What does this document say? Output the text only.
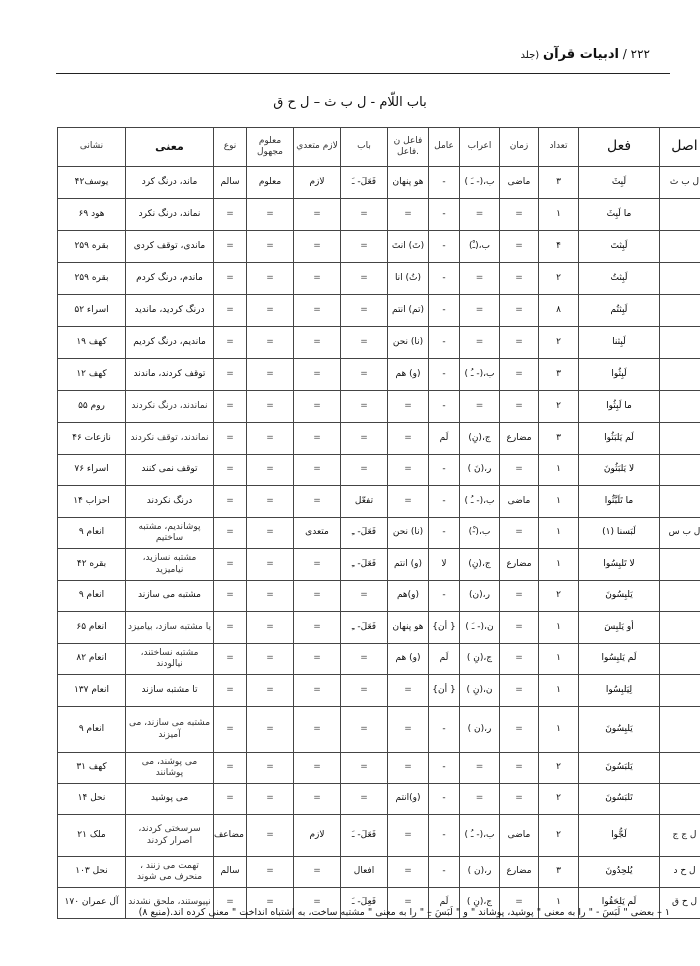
۲۲۲ / ادبیات قرآن (جلد
باب اللّام - ل ب ث – ل ح ق
اصل	فعل	تعداد	زمان	اعراب	عامل	فاعل ن .فاعل	باب	لازم متعدي	معلوم مجهول	نوع	معنی	نشانی
ل ب ث	لَبِثَ	۳	ماضی	ب،(- ـَ )	-	هو پنهان	فَعَلَ- ـَ	لازم	معلوم	سالم	ماند، درنگ کرد	یوسف۴۲
	ما لَبِثَ	۱	=	=	-	=	=	=	=	=	نماند، درنگ نکرد	هود ۶۹
	لَبِثتَ	۴	=	ب،(ـْ)	-	(تَ) انتَ	=	=	=	=	ماندی، توقف کردی	بقره ۲۵۹
	لَبِثتُ	۲	=	=	-	(تُ) انا	=	=	=	=	ماندم، درنگ کردم	بقره ۲۵۹
	لَبِثتُم	۸	=	=	-	(تم) انتم	=	=	=	=	درنگ کردید، ماندید	اسراء ۵۲
	لَبِثنا	۲	=	=	-	(نا) نحن	=	=	=	=	ماندیم، درنگ کردیم	کهف ۱۹
	لَبِثُوا	۳	=	ب،(- ـُ )	-	(و) هم	=	=	=	=	توقف کردند، ماندند	کهف ۱۲
	ما لَبِثُوا	۲	=	=	-	=	=	=	=	=	نماندند، درنگ نکردند	روم ۵۵
	لَم یَلبَثُوا	۳	مضارع	ج،(نِ)	لَم	=	=	=	=	=	نماندند، توقف نکردند	نازعات ۴۶
	لا یَلبَثُونَ	۱	=	ر،(نَ )	-	=	=	=	=	=	توقف نمی کنند	اسراء ۷۶
	ما تَلَبَّثُوا	۱	ماضی	ب،(- ـُ )	-	=	تفعّل	=	=	=	درنگ نکردند	احزاب ۱۴
ل ب س	لَبَسنا (۱)	۱	=	ب،(-ْ)	-	(نا) نحن	فَعَلَ- ـِ	متعدی	=	=	پوشاندیم، مشتبه ساختیم	انعام ۹
	لا تَلبِسُوا	۱	مضارع	ج،(نِ)	لا	(و) انتم	فَعَلَ- ـِ	=	=	=	مشتبه نسازید، نیامیزید	بقره ۴۲
	یَلبِسُونَ	۲	=	ر،(ن)	-	(و)هم	=	=	=	=	مشتبه می سازند	انعام ۹
	أو یَلبِسَ	۱	=	ن،(- ـَ )	{ أن}	هو پنهان	فَعَلَ- ـِ	=	=	=	یا مشتبه سازد، بیامیزد	انعام ۶۵
	لَم یَلبِسُوا	۱	=	ج،(نِ )	لَم	(و) هم	=	=	=	=	مشتبه نساختند، نیالودند	انعام ۸۲
	لِیَلبِسُوا	۱	=	ن،(نِ )	{ أن}	=	=	=	=	=	تا مشتبه سازند	انعام ۱۳۷
	یَلبِسُونَ	۱	=	ر،(ن )	-	=	=	=	=	=	مشتبه می سازند، می آمیزند	انعام ۹
	یَلبَسُونَ	۲	=	=	-	=	=	=	=	=	می پوشند، می پوشانند	کهف ۳۱
	تَلبَسُونَ	۲	=	=	-	(و)انتم	=	=	=	=	می پوشید	نحل ۱۴
ل ج ج	لَجُّوا	۲	ماضی	ب،(- ـُ )	-	=	فَعَلَ- ـَ	لازم	=	مضاعف	سرسختی کردند، اصرار کردند	ملک ۲۱
ل ح د	یُلحِدُونَ	۳	مضارع	ر،(ن )	-	=	افعال	=	=	سالم	تهمت می زنند ، منحرف می شوند	نحل ۱۰۳
ل ح ق	لَم یَلحَقُوا	۱	=	ج،(نِ )	لَم	=	فَعِلَ- ـَ	=	=	=	نپیوستند، ملحق نشدند	آل عمران ۱۷۰
۱ – بعضی " لَبَسَ - " را به معنی " پوشید، پوشاند " و " لَبَسَ –ِ " را به معنی " مشتبه ساخت، به اشتباه انداخت " معنی کرده اند.(منبع ۸)
